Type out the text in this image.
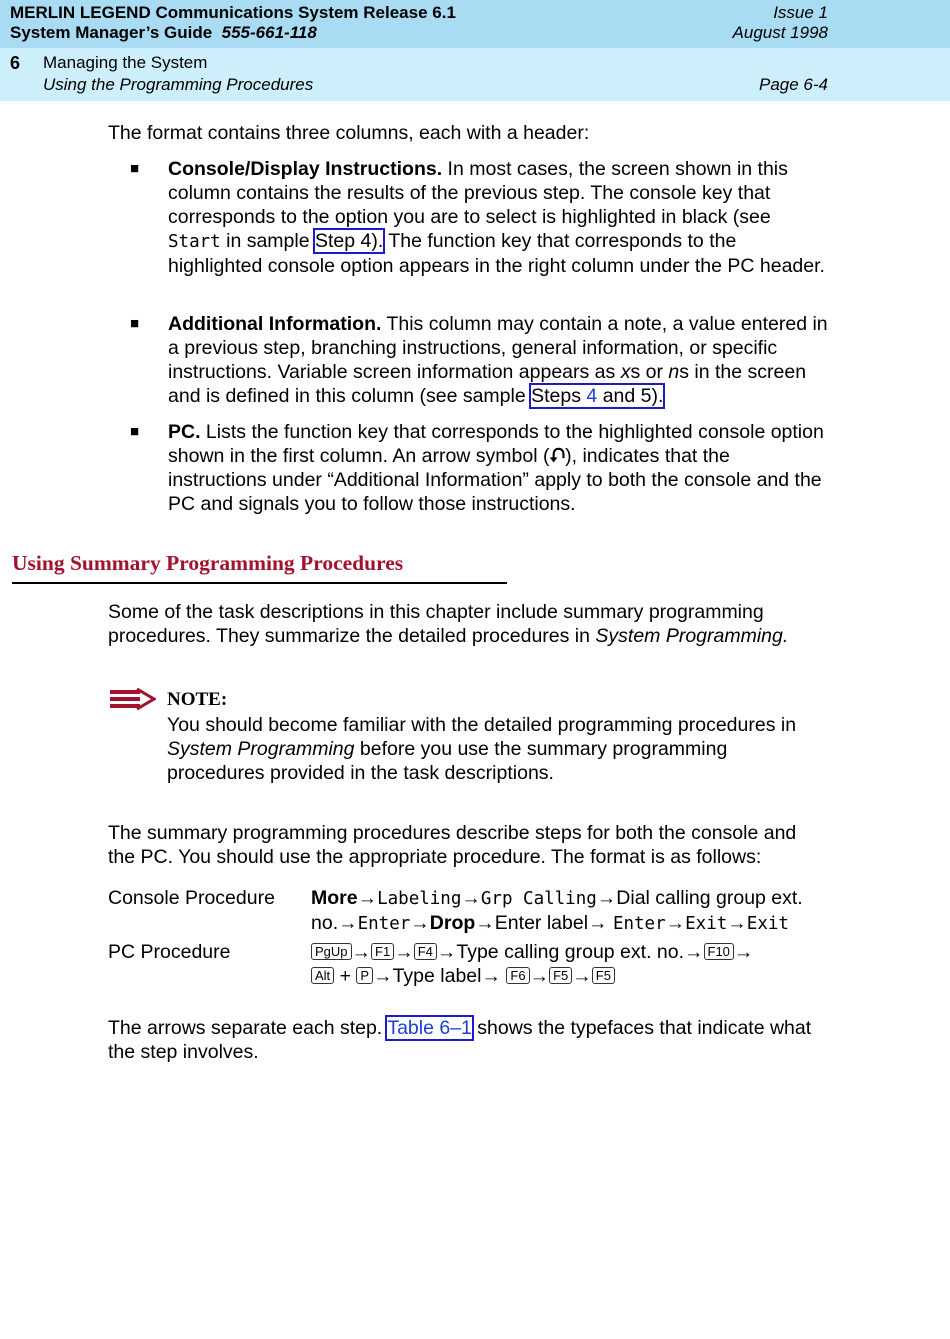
MERLIN LEGEND Communications System Release 6.1
System Manager’s Guide 555-661-118
Issue 1
August 1998
6 Managing the System
Using the Programming Procedures	Page 6-4

The format contains three columns, each with a header:

■ Console/Display Instructions. In most cases, the screen shown in this column contains the results of the previous step. The console key that corresponds to the option you are to select is highlighted in black (see Start in sample Step 4). The function key that corresponds to the highlighted console option appears in the right column under the PC header.

■ Additional Information. This column may contain a note, a value entered in a previous step, branching instructions, general information, or specific instructions. Variable screen information appears as xs or ns in the screen and is defined in this column (see sample Steps 4 and 5).

■ PC. Lists the function key that corresponds to the highlighted console option shown in the first column. An arrow symbol (⮏), indicates that the instructions under “Additional Information” apply to both the console and the PC and signals you to follow those instructions.

Using Summary Programming Procedures

Some of the task descriptions in this chapter include summary programming procedures. They summarize the detailed procedures in System Programming.

NOTE:

You should become familiar with the detailed programming procedures in System Programming before you use the summary programming procedures provided in the task descriptions.

The summary programming procedures describe steps for both the console and the PC. You should use the appropriate procedure. The format is as follows:

Console Procedure More→Labeling→Grp Calling→Dial calling group ext. no.→Enter→Drop→Enter label→ Enter→Exit→Exit
PC Procedure	PgUp → F1 → F4 →Type calling group ext. no.→ F10 →
Alt + P →Type label→ F6 → F5 → F5

The arrows separate each step. Table 6–1 shows the typefaces that indicate what the step involves.
